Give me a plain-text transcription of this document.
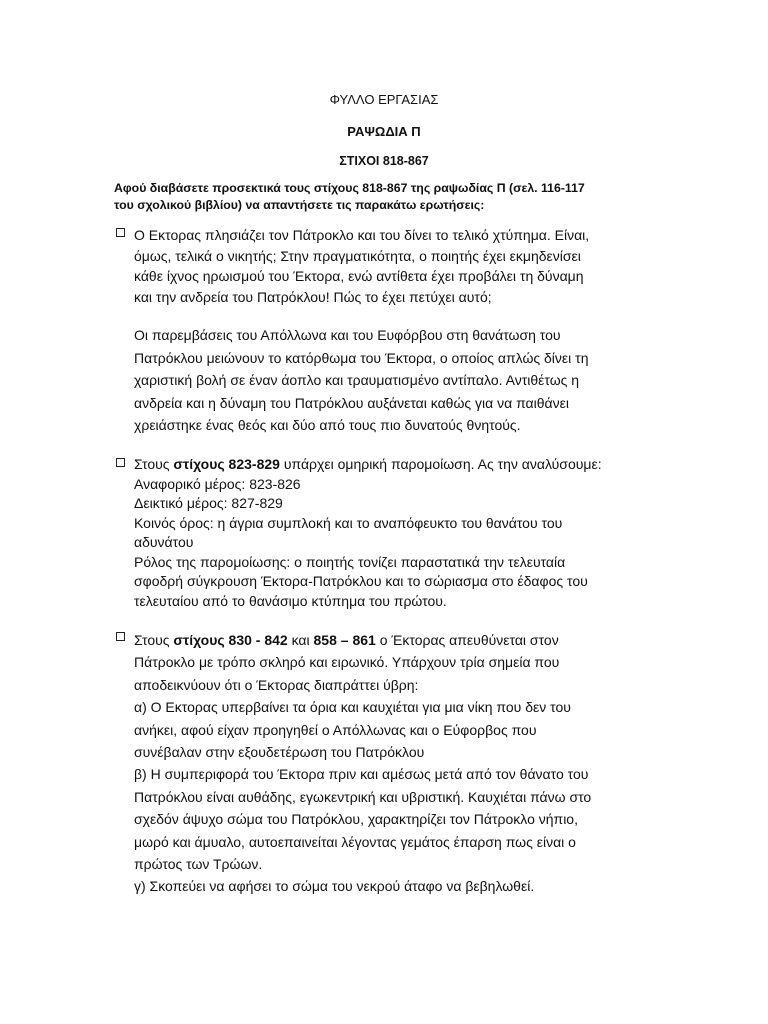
ΦΥΛΛΟ ΕΡΓΑΣΙΑΣ
ΡΑΨΩΔΙΑ Π
ΣΤΙΧΟΙ 818-867
Αφού διαβάσετε προσεκτικά τους στίχους 818-867 της ραψωδίας Π (σελ. 116-117
του σχολικού βιβλίου) να απαντήσετε τις παρακάτω ερωτήσεις:
Ο Εκτορας πλησιάζει τον Πάτροκλο και του δίνει το τελικό χτύπημα. Είναι,
όμως, τελικά ο νικητής; Στην πραγματικότητα, ο ποιητής έχει εκμηδενίσει
κάθε ίχνος ηρωισμού του Έκτορα, ενώ αντίθετα έχει προβάλει τη δύναμη
και την ανδρεία του Πατρόκλου! Πώς το έχει πετύχει αυτό;
Οι παρεμβάσεις του Απόλλωνα και του Ευφόρβου στη θανάτωση του
Πατρόκλου μειώνουν το κατόρθωμα του Έκτορα, ο οποίος απλώς δίνει τη
χαριστική βολή σε έναν άοπλο και τραυματισμένο αντίπαλο. Αντιθέτως η
ανδρεία και η δύναμη του Πατρόκλου αυξάνεται καθώς για να παιθάνει
χρειάστηκε ένας θεός και δύο από τους πιο δυνατούς θνητούς.
Στους στίχους 823-829 υπάρχει ομηρική παρομοίωση. Ας την αναλύσουμε:
Αναφορικό μέρος: 823-826
Δεικτικό μέρος: 827-829
Κοινός όρος: η άγρια συμπλοκή και το αναπόφευκτο του θανάτου του
αδυνάτου
Ρόλος της παρομοίωσης: ο ποιητής τονίζει παραστατικά την τελευταία
σφοδρή σύγκρουση Έκτορα-Πατρόκλου και το σώριασμα στο έδαφος του
τελευταίου από το θανάσιμο κτύπημα του πρώτου.
Στους στίχους 830 - 842 και 858 – 861 ο Έκτορας απευθύνεται στον
Πάτροκλο με τρόπο σκληρό και ειρωνικό. Υπάρχουν τρία σημεία που
αποδεικνύουν ότι ο Έκτορας διαπράττει ύβρη:
α) Ο Εκτορας υπερβαίνει τα όρια και καυχιέται για μια νίκη που δεν του
ανήκει, αφού είχαν προηγηθεί ο Απόλλωνας και ο Εύφορβος που
συνέβαλαν στην εξουδετέρωση του Πατρόκλου
β) Η συμπεριφορά του Έκτορα πριν και αμέσως μετά από τον θάνατο του
Πατρόκλου είναι αυθάδης, εγωκεντρική και υβριστική. Καυχιέται πάνω στο
σχεδόν άψυχο σώμα του Πατρόκλου, χαρακτηρίζει τον Πάτροκλο νήπιο,
μωρό και άμυαλο, αυτοεπαινείται λέγοντας γεμάτος έπαρση πως είναι ο
πρώτος των Τρώων.
γ) Σκοπεύει να αφήσει το σώμα του νεκρού άταφο να βεβηλωθεί.
